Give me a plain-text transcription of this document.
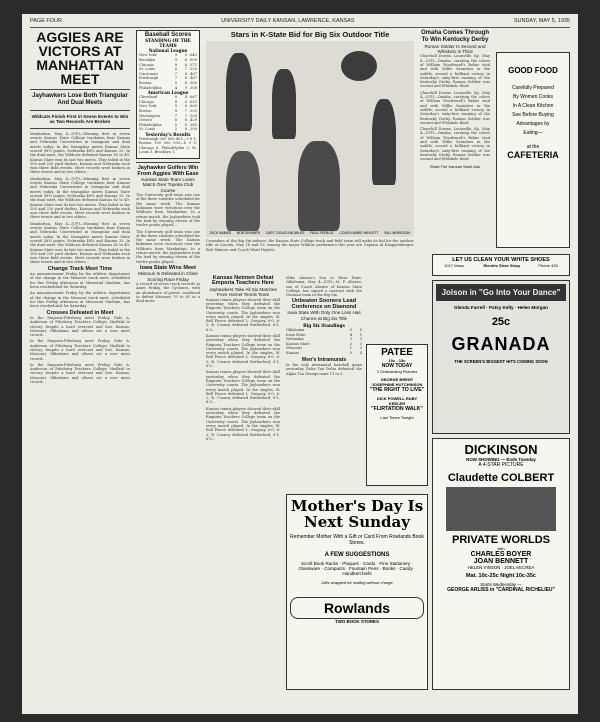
PAGE FOUR	UNIVERSITY DAILY KANSAN, LAWRENCE, KANSAS	SUNDAY, MAY 5, 1935
AGGIES ARE VICTORS AT MANHATTAN MEET
Jayhawkers Lose Both Triangular And Dual Meets
Wildcats Finish First in Seven Events to Win as Two Records Are Broken

Manhattan, May 4—(UP)—Winning first in seven events Kansas State College trackmen beat Kansas and Nebraska Universities in triangular and dual meets today. In the triangular meets Kansas State scored 58¼ points, Nebraska 48¼ and Kansas 25. In the dual meet, the Wildcats defeated Kansas 82 to 49. Kansas State won its last two meets. They failed in the 100 and 220 yard dashes, Kansas and Nebraska each won three field events. Meet records were broken in three events and in two others...

Manhattan, May 4—(UP)—Winning first in seven events Kansas State College trackmen beat Kansas and Nebraska Universities in triangular and dual meets today. In the triangular meets Kansas State scored 58¼ points, Nebraska 48¼ and Kansas 25. In the dual meet, the Wildcats defeated Kansas 82 to 49. Kansas State won its last two meets. They failed in the 100 and 220 yard dashes, Kansas and Nebraska each won three field events. Meet records were broken in three events and in two others...

Manhattan, May 4—(UP)—Winning first in seven events Kansas State College trackmen beat Kansas and Nebraska Universities in triangular and dual meets today. In the triangular meets Kansas State scored 58¼ points, Nebraska 48¼ and Kansas 25. In the dual meet, the Wildcats defeated Kansas 82 to 49. Kansas State won its last two meets. They failed in the 100 and 220 yard dashes, Kansas and Nebraska each won three field events. Meet records were broken in three events and in two others...

Change Track Meet Time

An announcement Friday by the athletic department of the change in the Missouri track meet, scheduled for this Friday afternoon at Memorial Stadium, has been rescheduled for Saturday.

An announcement Friday by the athletic department of the change in the Missouri track meet, scheduled for this Friday afternoon at Memorial Stadium, has been rescheduled for Saturday.

Crosses Defeated in Meet

In the Emporia-Pittsburg meet Friday, Dale A. Anderson of Pittsburg Teachers College, Hadleid to victory despite a hard overcast and lost. Kansas, Missouri, Oklahoma and others set a new meet record...

In the Emporia-Pittsburg meet Friday, Dale A. Anderson of Pittsburg Teachers College, Hadleid to victory despite a hard overcast and lost. Kansas, Missouri, Oklahoma and others set a new meet record...

In the Emporia-Pittsburg meet Friday, Dale A. Anderson of Pittsburg Teachers College, Hadleid to victory despite a hard overcast and lost. Kansas, Missouri, Oklahoma and others set a new meet record...

Baseball Scores
STANDING OF THE TEAMS
National League
New York	9	5 .643
Brooklyn	9	6 .600
Chicago	8	6 .571
St. Louis	8	7 .533
Cincinnati	7	8 .467
Pittsburgh	7	8 .467
Boston	5	8 .385
Philadelphia	4	9 .308
American League
Cleveland	8	4 .667
Chicago	8	5 .615
New York	9	6 .600
Boston	8	7 .533
Washington	7	7 .500
Detroit	6	8 .429
Philadelphia	5	8 .385
St. Louis	2	8 .200
Yesterday's Results

Pittsburgh 000 000 401—5 8 1; Boston 100 000 030—4 9 0; Chicago 6, Philadelphia 3; St. Louis 3, Brooklyn 1.

Jayhawker Golfers Win From Aggies With Ease
Kansas State Team Loses Match Over Topeka Club Course

The University golf team was one of the three varsities scheduled for the same week. The Kansas linksmen were victorious over the Wildcats from Manhattan. In a return match, the Jayhawkers took the lead by winning eleven of the twelve points played...

The University golf team was one of the three varsities scheduled for the same week. The Kansas linksmen were victorious over the Wildcats from Manhattan. In a return match, the Jayhawkers took the lead by winning eleven of the twelve points played...

Iowa State Wins Meet
Missouri Is Defeated in Close Scoring Race Friday

A record of seven track records in Ames Friday, the Cyclones, with an abundance of power, combined to defeat Missouri 70 to 61 in a dual meet.

Stars in K-State Bid for Big Six Outdoor Title
DICK NAMES BOB SKINNER CAPT. DOUG KNOWLES PAUL PERILLE COACH WARD HAYLETT BILL WHEEDON

Crusaders of the Big Six indoors, the Kansas State College track and field team will make its bid for the outdoor title at Lincoln, May 18 and 19. Among the major Wildcat performers this year are Captain Al Knappenberger, Bob Skinner and Coach Ward Haylett.

Kansas Netmen Defeat Emporia Teachers Here
Jayhawkers Take All Six Matches From Hornet Tennis Team

Kansas tennis players showed their skill yesterday when they defeated the Emporia Teachers College team on the University courts. The Jayhawkers won every match played. In the singles, W. Bell Pierce defeated L. Gregory, 6-0, 6-2; R. Cooney defeated Rutherford, 6-1, 6-3...

Kansas tennis players showed their skill yesterday when they defeated the Emporia Teachers College team on the University courts. The Jayhawkers won every match played. In the singles, W. Bell Pierce defeated L. Gregory, 6-0, 6-2; R. Cooney defeated Rutherford, 6-1, 6-3...

Kansas tennis players showed their skill yesterday when they defeated the Emporia Teachers College team on the University courts. The Jayhawkers won every match played. In the singles, W. Bell Pierce defeated L. Gregory, 6-0, 6-2; R. Cooney defeated Rutherford, 6-1, 6-3...

Kansas tennis players showed their skill yesterday when they defeated the Emporia Teachers College team on the University courts. The Jayhawkers won every match played. In the singles, W. Bell Pierce defeated L. Gregory, 6-0, 6-2; R. Cooney defeated Rutherford, 6-1, 6-3...

Mike Aheare's Son to Wear Point. Oklahoma, May 4—(UP)—M. P. Aheare, son of Coach Aheare of Kansas State College, has signed a contract with the Norman team in the Big Six.

Unbeaten Sooners Lead Conference on Diamond
Iowa State With Only One Loss Has Chance at Big Six Title
Big Six Standings
Oklahoma	5	0
Iowa State	4	1
Nebraska	2	3
Kansas State	2	3
Missouri	1	3
Kansas	0	4
Men's Intramurals

In the only intramural baseball game yesterday Delta Tau Delta defeated the Alpha Tau Omega team 11 to 5.

PATEE
10c - 15c
NOW TODAY
2 Outstanding Pictures
GEORGE BRENT JOSEPHINE HUTCHINSON
"THE RIGHT TO LIVE"
DICK POWELL RUBY KEELER
"FLIRTATION WALK"
Last Times Tonight
Mother's Day Is Next Sunday
Remember Mother With a Gift or Card From Rowlands Book Stores.
A FEW SUGGESTIONS
Scroll Book Racks · Plaques · Cards · Fine Stationery · Glassware · Compacts · Fountain Pens · Books · Candy · Handkerchiefs
Gifts wrapped for mailing without charge
Rowlands
TWO BOOK STORES
Omaha Comes Through To Win Kentucky Derby
Roman Soldier Is Second and Whiskolo Is Third

Churchill Downs, Louisville, Ky., May 4—(UP)—Omaha, carrying the colors of William Woodward's Belair stud and with Willie Saunders in the saddle, scored a brilliant victory in Saturday's sixty-first running of the Kentucky Derby. Roman Soldier was second and Whiskolo third.

Churchill Downs, Louisville, Ky., May 4—(UP)—Omaha, carrying the colors of William Woodward's Belair stud and with Willie Saunders in the saddle, scored a brilliant victory in Saturday's sixty-first running of the Kentucky Derby. Roman Soldier was second and Whiskolo third.

Churchill Downs, Louisville, Ky., May 4—(UP)—Omaha, carrying the colors of William Woodward's Belair stud and with Willie Saunders in the saddle, scored a brilliant victory in Saturday's sixty-first running of the Kentucky Derby. Roman Soldier was second and Whiskolo third.

Read The Kansan Want Ads
GOOD FOOD
Carefully Prepared
By Women Cooks
In A Clean Kitchen
See Before Buying
Advantages by
Eating—
at the
CAFETERIA
LET US CLEAN YOUR WHITE SHOES
1017 Mass.	Electric Shoe Shop	Phone 435
Jolson in "Go Into Your Dance"
Glenda Farrell · Patsy Kelly · Helen Morgan
25c
GRANADA
THE SCREEN'S BIGGEST HITS COMING SOON
DICKINSON
NOW SHOWING — Ends Tuesday
A 4-STAR PICTURE
Claudette COLBERT
PRIVATE WORLDS
with
CHARLES BOYER
JOAN BENNETT
HELEN VINSON · JOEL McCREA
Mat. 10c-25c Night 10c-35c
Starts Wednesday —
GEORGE ARLISS in "CARDINAL RICHELIEU"
